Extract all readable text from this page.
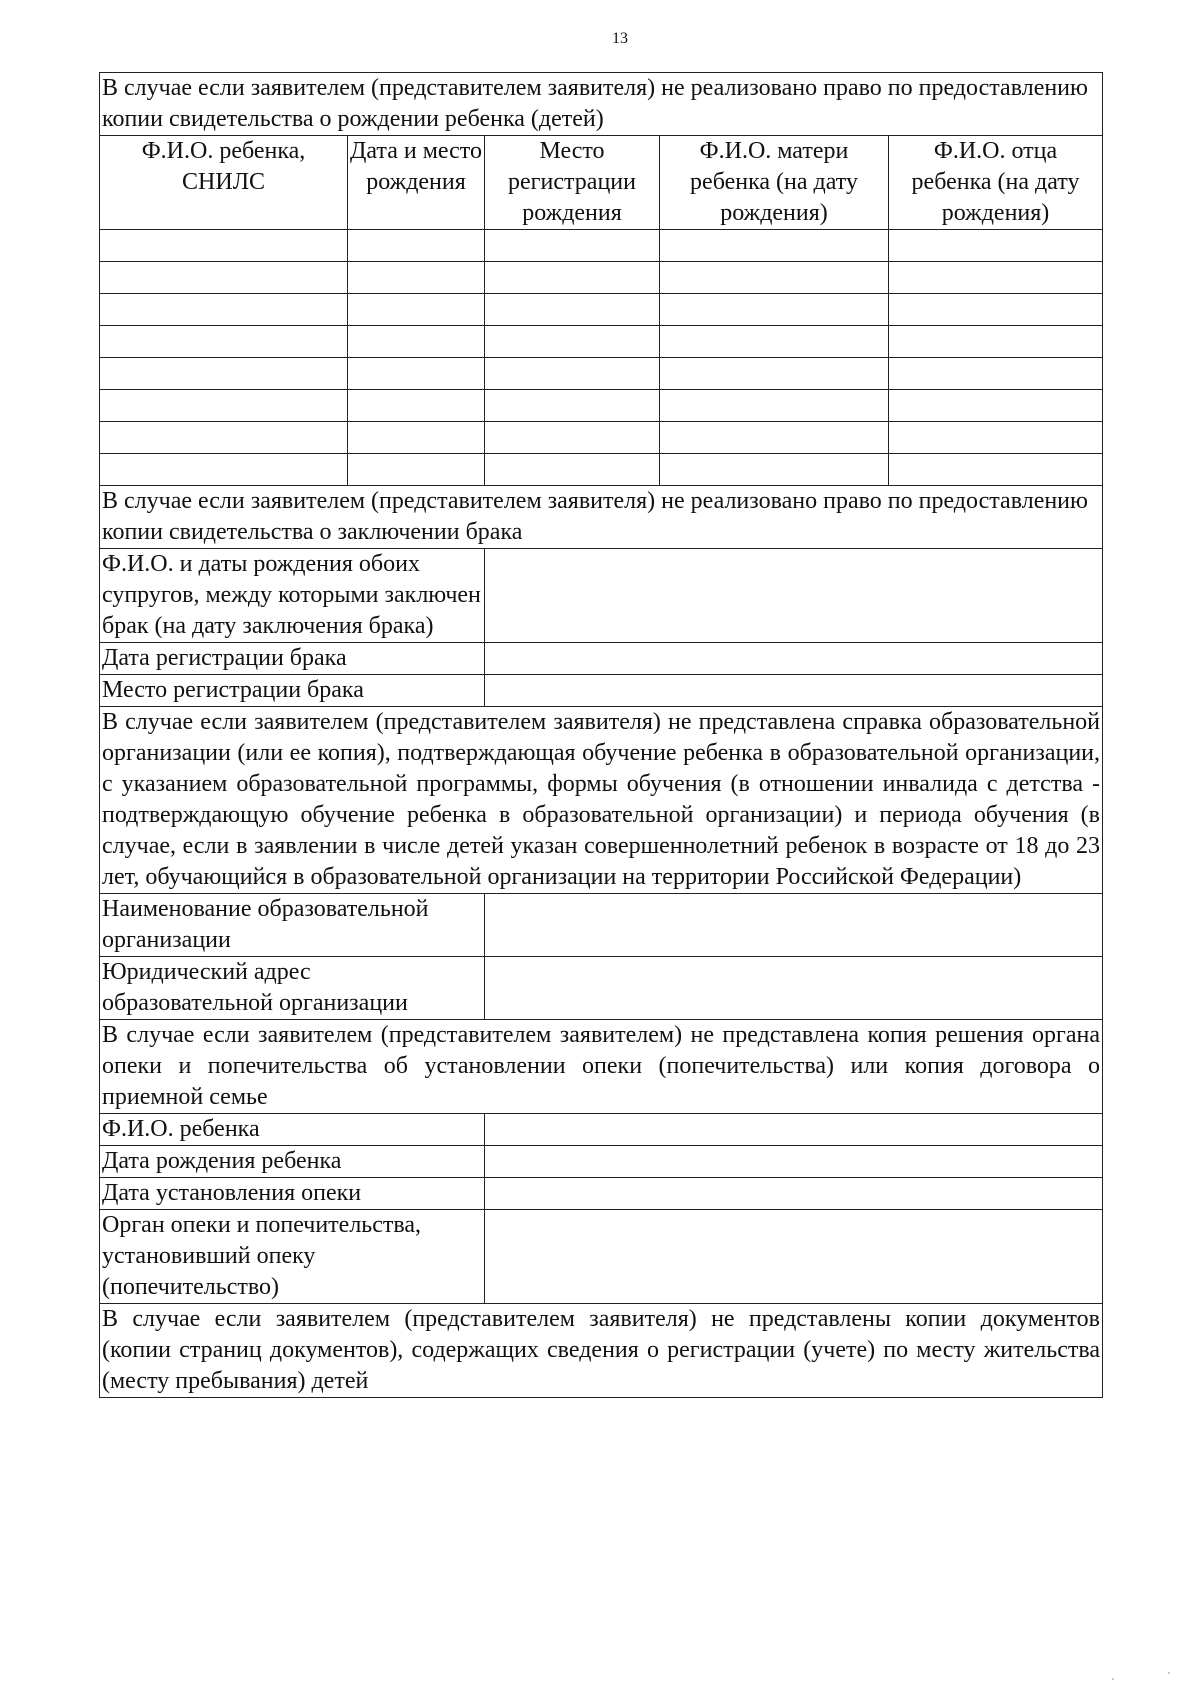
13
В случае если заявителем (представителем заявителя) не реализовано право по предоставлению копии свидетельства о рождении ребенка (детей)				
Ф.И.О. ребенка, СНИЛС	Дата и место рождения	Место регистрации рождения	Ф.И.О. матери ребенка (на дату рождения)	Ф.И.О. отца ребенка (на дату рождения)

В случае если заявителем (представителем заявителя) не реализовано право по предоставлению копии свидетельства о заключении брака				
Ф.И.О. и даты рождения обоих супругов, между которыми заключен брак (на дату заключения брака)				
Дата регистрации брака				
Место регистрации брака				
В случае если заявителем (представителем заявителя) не представлена справка образовательной организации (или ее копия), подтверждающая обучение ребенка в образовательной организации, с указанием образовательной программы, формы обучения (в отношении инвалида с детства - подтверждающую обучение ребенка в образовательной организации) и периода обучения (в случае, если в заявлении в числе детей указан совершеннолетний ребенок в возрасте от 18 до 23 лет, обучающийся в образовательной организации на территории Российской Федерации)				
Наименование образовательной организации				
Юридический адрес образовательной организации				
В случае если заявителем (представителем заявителем) не представлена копия решения органа опеки и попечительства об установлении опеки (попечительства) или копия договора о приемной семье				
Ф.И.О. ребенка				
Дата рождения ребенка				
Дата установления опеки				
Орган опеки и попечительства, установивший опеку (попечительство)				
В случае если заявителем (представителем заявителя) не представлены копии документов (копии страниц документов), содержащих сведения о регистрации (учете) по месту жительства (месту пребывания) детей				
